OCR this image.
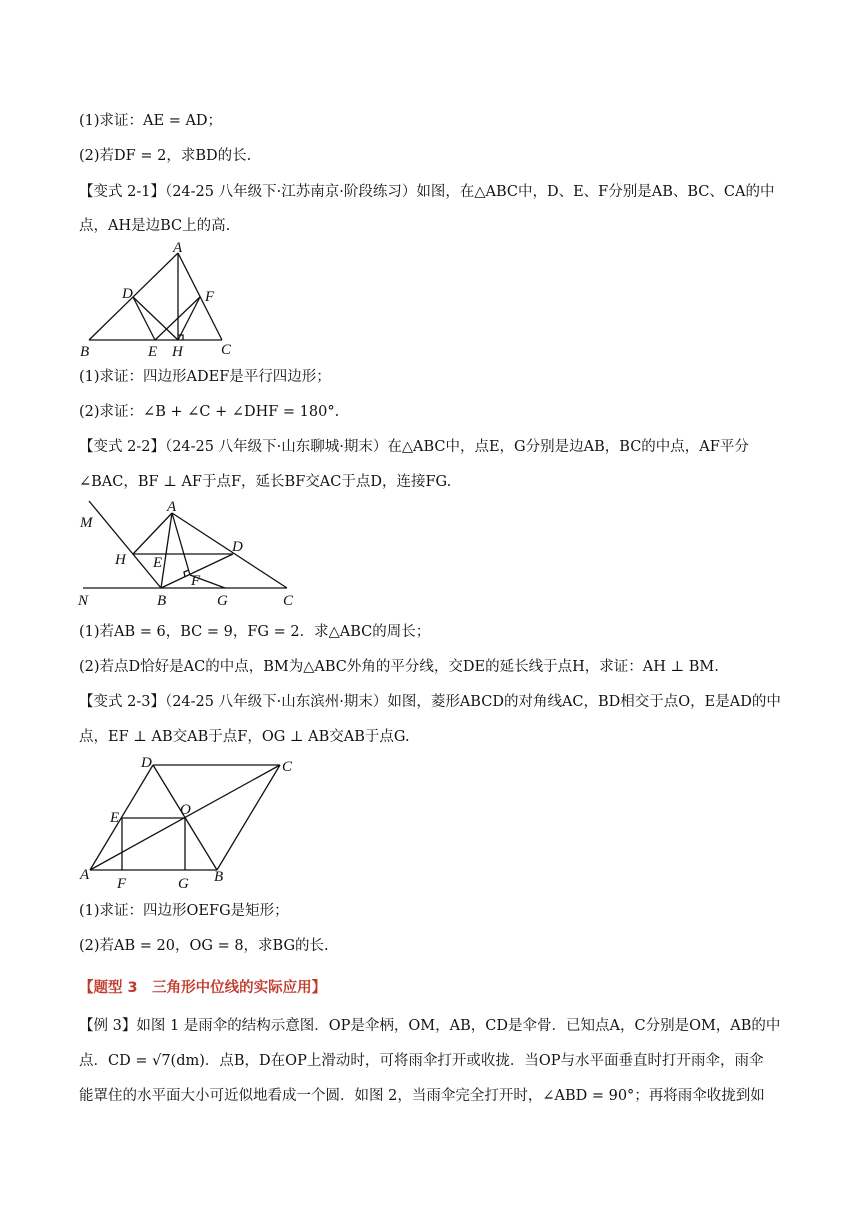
(1)求证：AE = AD；
(2)若DF = 2，求BD的长.
【变式 2-1】（24-25 八年级下·江苏南京·阶段练习）如图，在△ABC中，D、E、F分别是AB、BC、CA的中
点，AH是边BC上的高.
A
B	C
D
E
F
H
(1)求证：四边形ADEF是平行四边形；
(2)求证：∠B + ∠C + ∠DHF = 180°.
【变式 2-2】（24-25 八年级下·山东聊城·期末）在△ABC中，点E，G分别是边AB，BC的中点，AF平分
∠BAC，BF ⊥ AF于点F，延长BF交AC于点D，连接FG.
M
N
A
B	C
D
E
F
G
H
(1)若AB = 6，BC = 9，FG = 2．求△ABC的周长；
(2)若点D恰好是AC的中点，BM为△ABC外角的平分线，交DE的延长线于点H，求证：AH ⊥ BM.
【变式 2-3】（24-25 八年级下·山东滨州·期末）如图，菱形ABCD的对角线AC，BD相交于点O，E是AD的中
点，EF ⊥ AB交AB于点F，OG ⊥ AB交AB于点G.
A	B
C
D
E
F	G
O
(1)求证：四边形OEFG是矩形；
(2)若AB = 20，OG = 8，求BG的长.
【题型 3　三角形中位线的实际应用】
【例 3】如图 1 是雨伞的结构示意图．OP是伞柄，OM，AB，CD是伞骨．已知点A，C分别是OM，AB的中
点．CD = √7(dm)．点B，D在OP上滑动时，可将雨伞打开或收拢．当OP与水平面垂直时打开雨伞，雨伞
能罩住的水平面大小可近似地看成一个圆．如图 2，当雨伞完全打开时，∠ABD = 90°；再将雨伞收拢到如
